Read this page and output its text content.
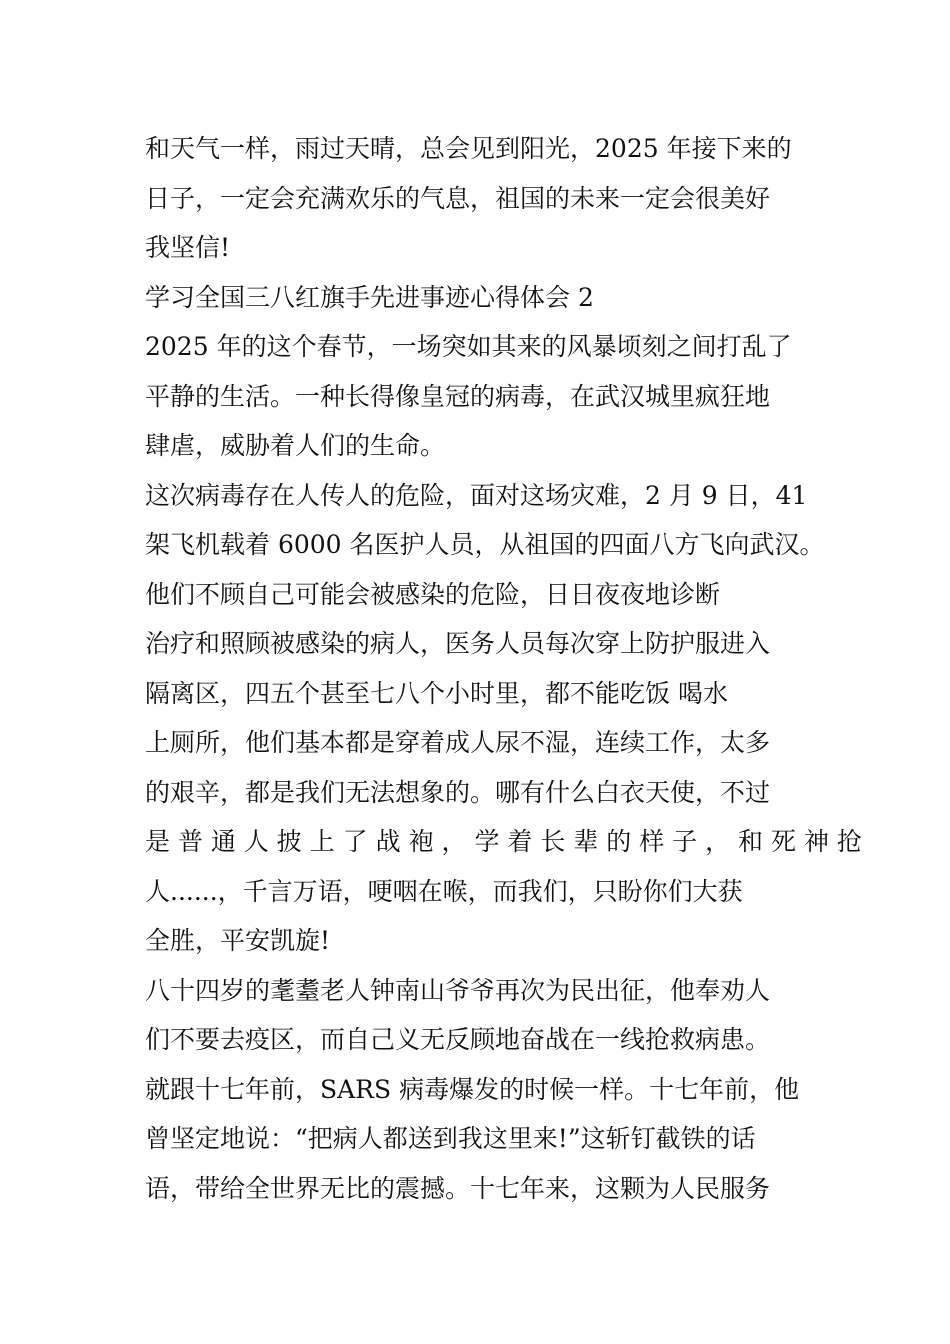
和天气一样，雨过天晴，总会见到阳光，2025 年接下来的
日子，一定会充满欢乐的气息，祖国的未来一定会很美好
我坚信!
学习全国三八红旗手先进事迹心得体会 2
2025 年的这个春节，一场突如其来的风暴顷刻之间打乱了
平静的生活。一种长得像皇冠的病毒，在武汉城里疯狂地
肆虐，威胁着人们的生命。
这次病毒存在人传人的危险，面对这场灾难，2 月 9 日，41
架飞机载着 6000 名医护人员，从祖国的四面八方飞向武汉。
他们不顾自己可能会被感染的危险，日日夜夜地诊断
治疗和照顾被感染的病人，医务人员每次穿上防护服进入
隔离区，四五个甚至七八个小时里，都不能吃饭 喝水
上厕所，他们基本都是穿着成人尿不湿，连续工作，太多
的艰辛，都是我们无法想象的。哪有什么白衣天使，不过
是 普 通 人 披 上 了 战 袍 ， 学 着 长 辈 的 样 子 ， 和 死 神 抢
人......，千言万语，哽咽在喉，而我们，只盼你们大获
全胜，平安凯旋!
八十四岁的耄耋老人钟南山爷爷再次为民出征，他奉劝人
们不要去疫区，而自己义无反顾地奋战在一线抢救病患。
就跟十七年前，SARS 病毒爆发的时候一样。十七年前，他
曾坚定地说：“把病人都送到我这里来!”这斩钉截铁的话
语，带给全世界无比的震撼。十七年来，这颗为人民服务
